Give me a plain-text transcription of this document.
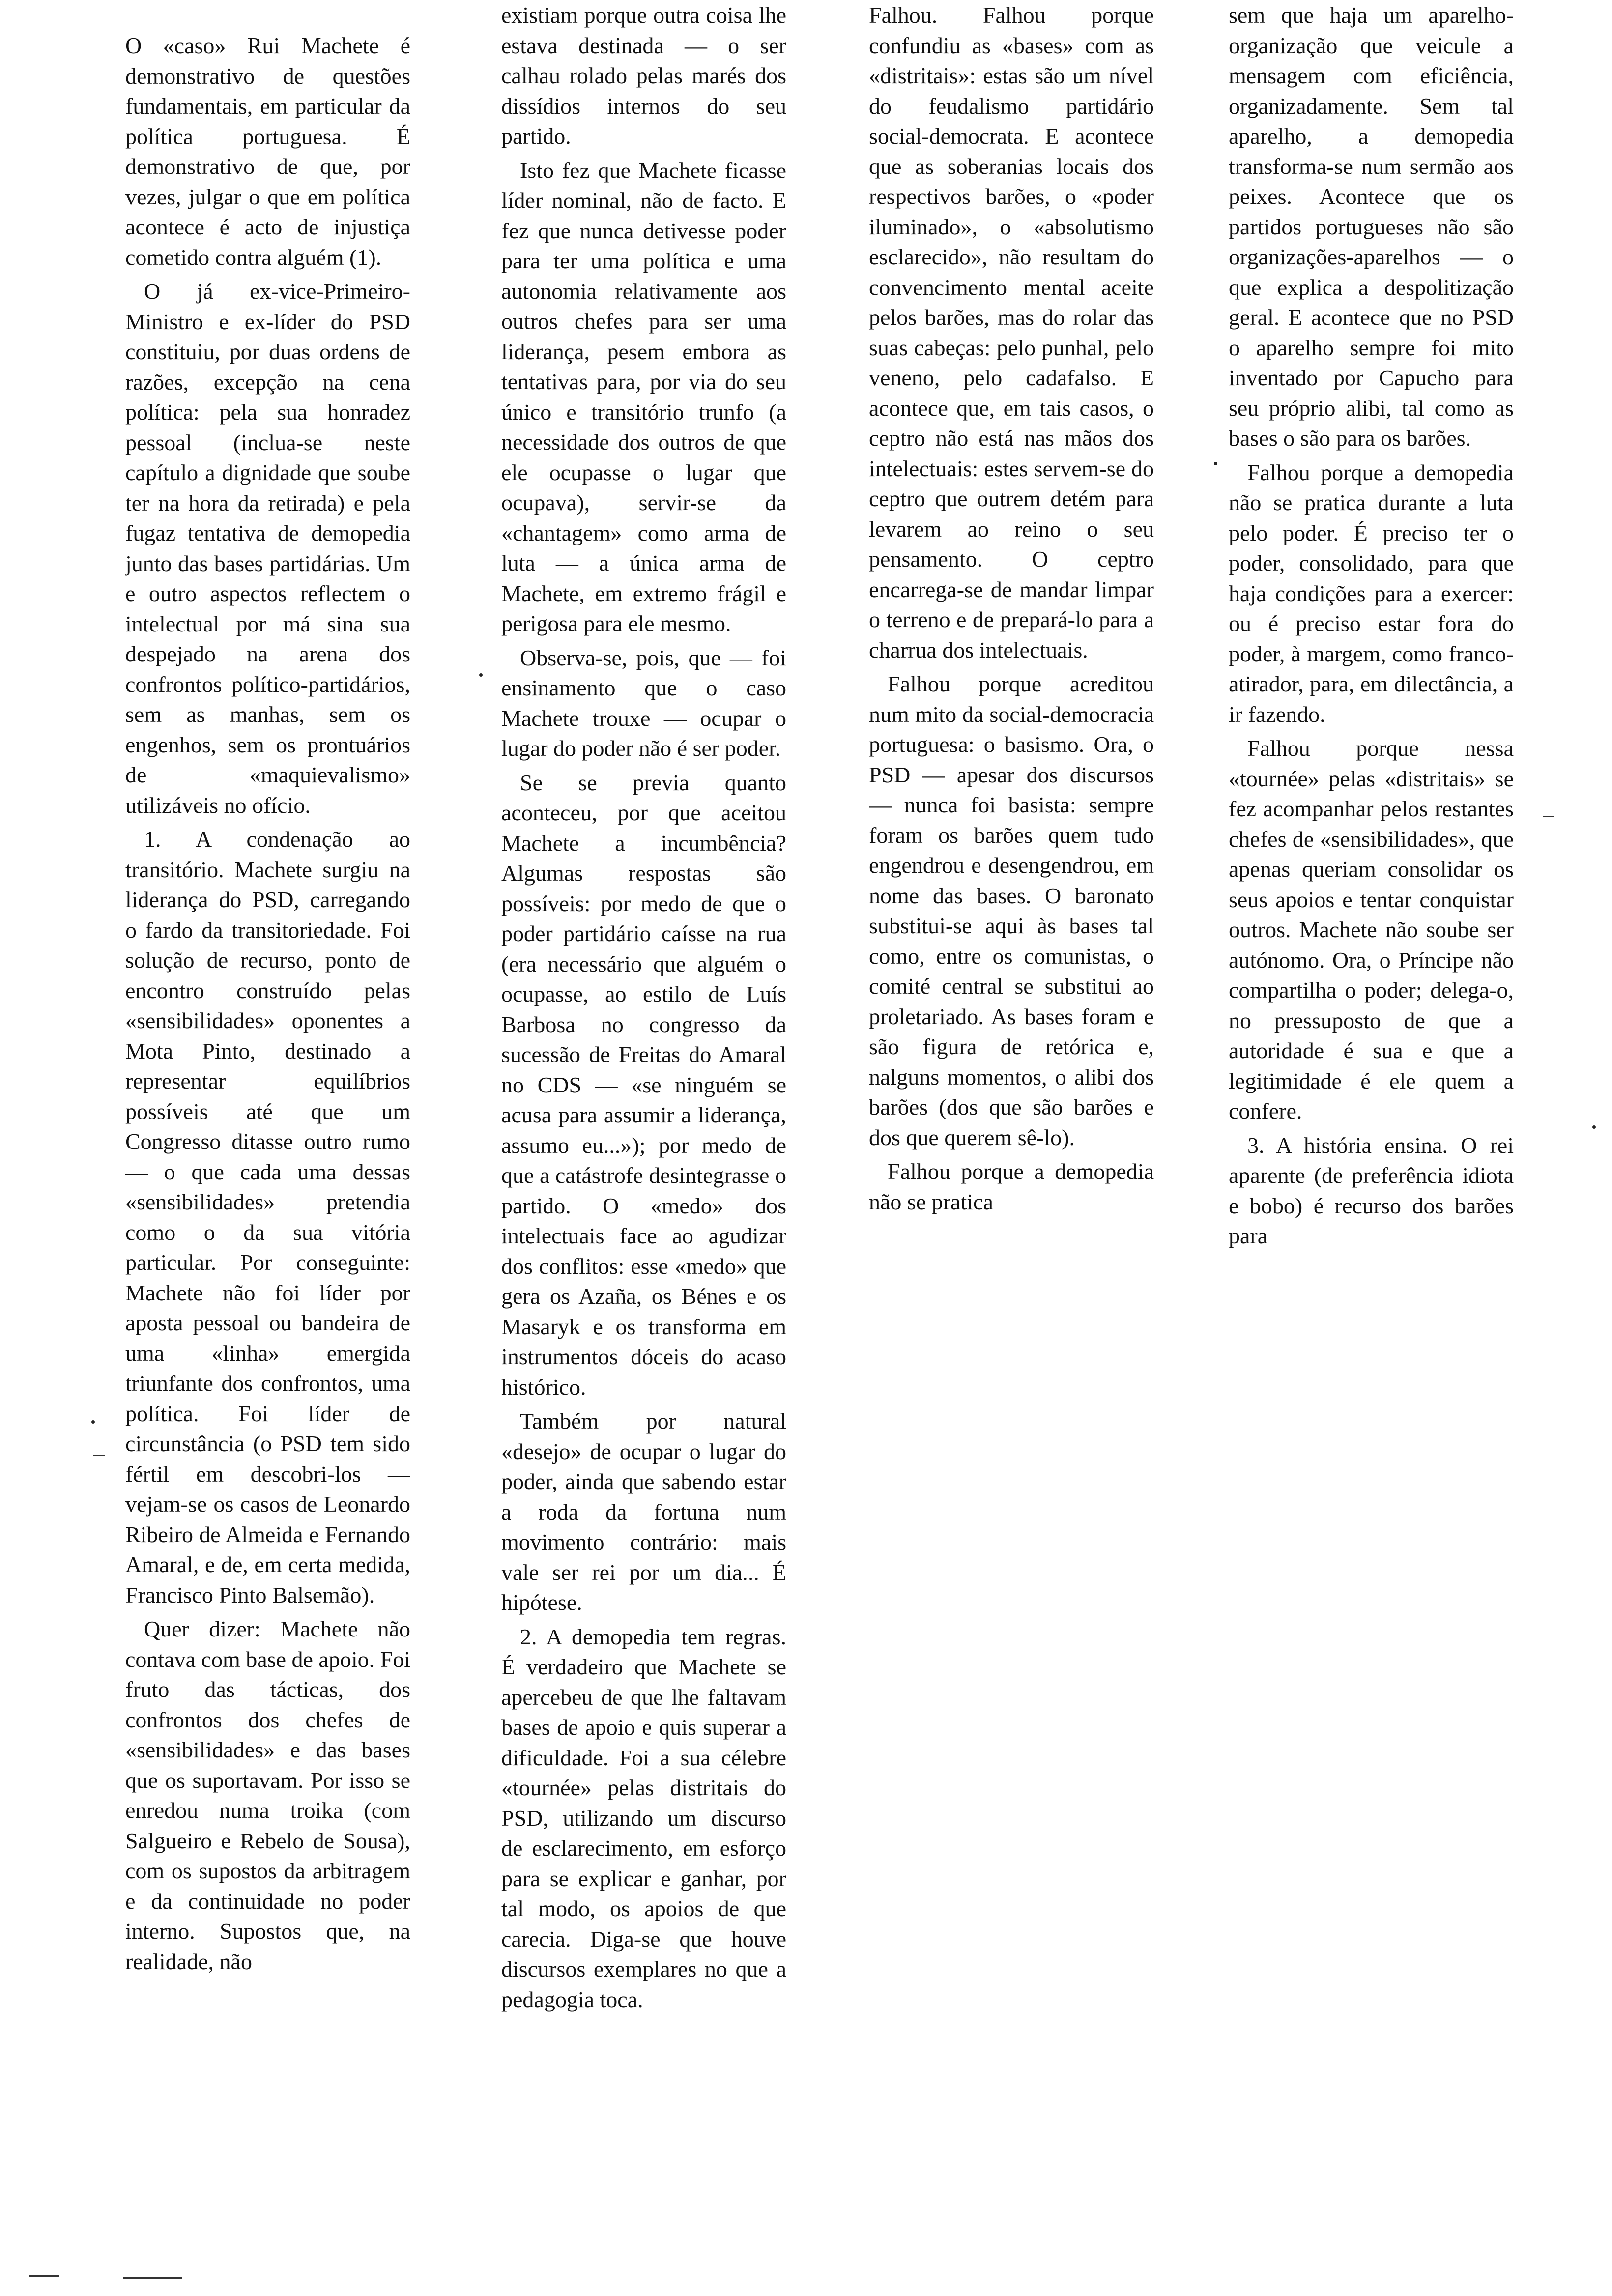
O «caso» Rui Machete é demonstrativo de questões fundamentais, em particular da política portuguesa. É demonstrativo de que, por vezes, julgar o que em política acontece é acto de injustiça cometido contra alguém (1).

O já ex-vice-Primeiro-Ministro e ex-líder do PSD constituiu, por duas ordens de razões, excepção na cena política: pela sua honradez pessoal (inclua-se neste capítulo a dignidade que soube ter na hora da retirada) e pela fugaz tentativa de demopedia junto das bases partidárias. Um e outro aspectos reflectem o intelectual por má sina sua despejado na arena dos confrontos político-partidários, sem as manhas, sem os engenhos, sem os prontuários de «maquievalismo» utilizáveis no ofício.

1. A condenação ao transitório. Machete surgiu na liderança do PSD, carregando o fardo da transitoriedade. Foi solução de recurso, ponto de encontro construído pelas «sensibilidades» oponentes a Mota Pinto, destinado a representar equilíbrios possíveis até que um Congresso ditasse outro rumo — o que cada uma dessas «sensibilidades» pretendia como o da sua vitória particular. Por conseguinte: Machete não foi líder por aposta pessoal ou bandeira de uma «linha» emergida triunfante dos confrontos, uma política. Foi líder de circunstância (o PSD tem sido fértil em descobri-los — vejam-se os casos de Leonardo Ribeiro de Almeida e Fernando Amaral, e de, em certa medida, Francisco Pinto Balsemão).

Quer dizer: Machete não contava com base de apoio. Foi fruto das tácticas, dos confrontos dos chefes de «sensibilidades» e das bases que os suportavam. Por isso se enredou numa troika (com Salgueiro e Rebelo de Sousa), com os supostos da arbitragem e da continuidade no poder interno. Supostos que, na realidade, não

existiam porque outra coisa lhe estava destinada — o ser calhau rolado pelas marés dos dissídios internos do seu partido.

Isto fez que Machete ficasse líder nominal, não de facto. E fez que nunca detivesse poder para ter uma política e uma autonomia relativamente aos outros chefes para ser uma liderança, pesem embora as tentativas para, por via do seu único e transitório trunfo (a necessidade dos outros de que ele ocupasse o lugar que ocupava), servir-se da «chantagem» como arma de luta — a única arma de Machete, em extremo frágil e perigosa para ele mesmo.

Observa-se, pois, que — foi ensinamento que o caso Machete trouxe — ocupar o lugar do poder não é ser poder.

Se se previa quanto aconteceu, por que aceitou Machete a incumbência? Algumas respostas são possíveis: por medo de que o poder partidário caísse na rua (era necessário que alguém o ocupasse, ao estilo de Luís Barbosa no congresso da sucessão de Freitas do Amaral no CDS — «se ninguém se acusa para assumir a liderança, assumo eu...»); por medo de que a catástrofe desintegrasse o partido. O «medo» dos intelectuais face ao agudizar dos conflitos: esse «medo» que gera os Azaña, os Bénes e os Masaryk e os transforma em instrumentos dóceis do acaso histórico.

Também por natural «desejo» de ocupar o lugar do poder, ainda que sabendo estar a roda da fortuna num movimento contrário: mais vale ser rei por um dia... É hipótese.

2. A demopedia tem regras. É verdadeiro que Machete se apercebeu de que lhe faltavam bases de apoio e quis superar a dificuldade. Foi a sua célebre «tournée» pelas distritais do PSD, utilizando um discurso de esclarecimento, em esforço para se explicar e ganhar, por tal modo, os apoios de que carecia. Diga-se que houve discursos exemplares no que a pedagogia toca.

Falhou. Falhou porque confundiu as «bases» com as «distritais»: estas são um nível do feudalismo partidário social-democrata. E acontece que as soberanias locais dos respectivos barões, o «poder iluminado», o «absolutismo esclarecido», não resultam do convencimento mental aceite pelos barões, mas do rolar das suas cabeças: pelo punhal, pelo veneno, pelo cadafalso. E acontece que, em tais casos, o ceptro não está nas mãos dos intelectuais: estes servem-se do ceptro que outrem detém para levarem ao reino o seu pensamento. O ceptro encarrega-se de mandar limpar o terreno e de prepará-lo para a charrua dos intelectuais.

Falhou porque acreditou num mito da social-democracia portuguesa: o basismo. Ora, o PSD — apesar dos discursos — nunca foi basista: sempre foram os barões quem tudo engendrou e desengendrou, em nome das bases. O baronato substitui-se aqui às bases tal como, entre os comunistas, o comité central se substitui ao proletariado. As bases foram e são figura de retórica e, nalguns momentos, o alibi dos barões (dos que são barões e dos que querem sê-lo).

Falhou porque a demopedia não se pratica

sem que haja um aparelho-organização que veicule a mensagem com eficiência, organizadamente. Sem tal aparelho, a demopedia transforma-se num sermão aos peixes. Acontece que os partidos portugueses não são organizações-aparelhos — o que explica a despolitização geral. E acontece que no PSD o aparelho sempre foi mito inventado por Capucho para seu próprio alibi, tal como as bases o são para os barões.

Falhou porque a demopedia não se pratica durante a luta pelo poder. É preciso ter o poder, consolidado, para que haja condições para a exercer: ou é preciso estar fora do poder, à margem, como franco-atirador, para, em dilectância, a ir fazendo.

Falhou porque nessa «tournée» pelas «distritais» se fez acompanhar pelos restantes chefes de «sensibilidades», que apenas queriam consolidar os seus apoios e tentar conquistar outros. Machete não soube ser autónomo. Ora, o Príncipe não compartilha o poder; delega-o, no pressuposto de que a autoridade é sua e que a legitimidade é ele quem a confere.

3. A história ensina. O rei aparente (de preferência idiota e bobo) é recurso dos barões para
